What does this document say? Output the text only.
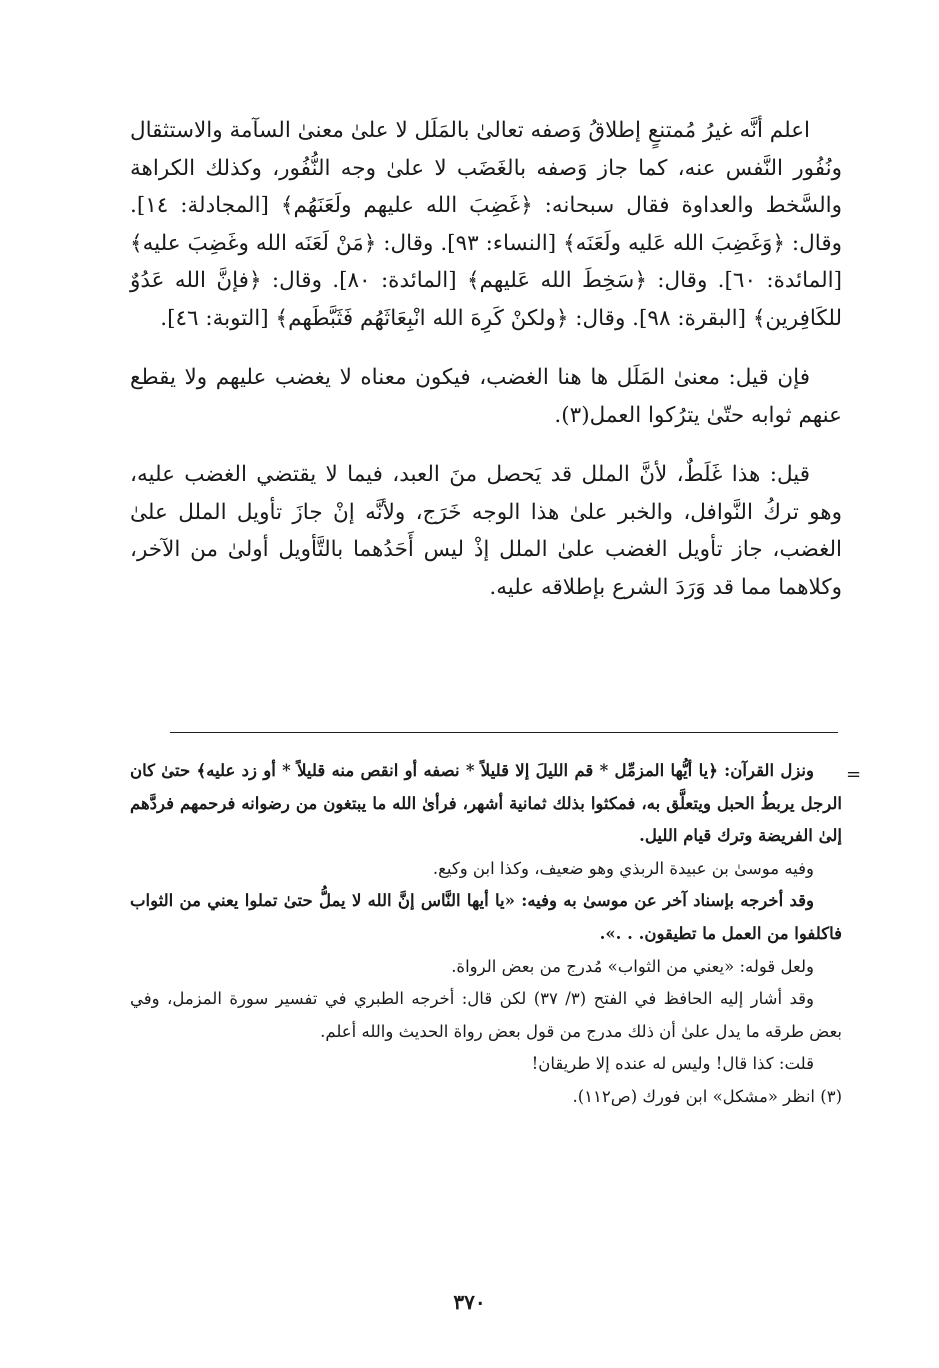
اعلم أنَّه غيرُ مُمتنعٍ إطلاقُ وَصفه تعالىٰ بالمَلَل لا علىٰ معنىٰ السآمة والاستثقال ونُفُور النَّفس عنه، كما جاز وَصفه بالغَضَب لا علىٰ وجه النُّفُور، وكذلك الكراهة والسَّخط والعداوة فقال سبحانه: ﴿غَضِبَ الله عليهم ولَعَنَهُم﴾ [المجادلة: ١٤]. وقال: ﴿وَغَضِبَ الله عَليه ولَعَنَه﴾ [النساء: ٩٣]. وقال: ﴿مَنْ لَعَنَه الله وغَضِبَ عليه﴾ [المائدة: ٦٠]. وقال: ﴿سَخِطَ الله عَليهم﴾ [المائدة: ٨٠]. وقال: ﴿فإنَّ الله عَدُوٌ للكَافِرين﴾ [البقرة: ٩٨]. وقال: ﴿ولكنْ كَرِهَ الله انْبِعَاثَهُم فَثَبَّطَهم﴾ [التوبة: ٤٦].

فإن قيل: معنىٰ المَلَل ها هنا الغضب، فيكون معناه لا يغضب عليهم ولا يقطع عنهم ثوابه حتّىٰ يترُكوا العمل(٣).

قيل: هذا غَلَطٌ، لأنَّ الملل قد يَحصل منَ العبد، فيما لا يقتضي الغضب عليه، وهو تركُ النَّوافل، والخبر علىٰ هذا الوجه خَرَج، ولأنَّه إنْ جازَ تأويل الملل علىٰ الغضب، جاز تأويل الغضب علىٰ الملل إذْ ليس أَحَدُهما بالتَّأويل أولىٰ من الآخر، وكلاهما مما قد وَرَدَ الشرع بإطلاقه عليه.

=

ونزل القرآن: ﴿يا أيُّها المزمِّل * قم الليلَ إلا قليلاً * نصفه أو انقص منه قليلاً * أو زد عليه﴾ حتىٰ كان الرجل يربطُ الحبل ويتعلَّق به، فمكثوا بذلك ثمانية أشهر، فرأىٰ الله ما يبتغون من رضوانه فرحمهم فردَّهم إلىٰ الفريضة وترك قيام الليل.

وفيه موسىٰ بن عبيدة الربذي وهو ضعيف، وكذا ابن وكيع.

وقد أخرجه بإسناد آخر عن موسىٰ به وفيه: «يا أيها النَّاس إنَّ الله لا يملُّ حتىٰ تملوا يعني من الثواب فاكلفوا من العمل ما تطيقون. . .».

ولعل قوله: «يعني من الثواب» مُدرج من بعض الرواة.

وقد أشار إليه الحافظ في الفتح (٣/ ٣٧) لكن قال: أخرجه الطبري في تفسير سورة المزمل، وفي بعض طرقه ما يدل علىٰ أن ذلك مدرج من قول بعض رواة الحديث والله أعلم.

قلت: كذا قال! وليس له عنده إلا طريقان!

(٣) انظر «مشكل» ابن فورك (ص١١٢).

٣٧٠
